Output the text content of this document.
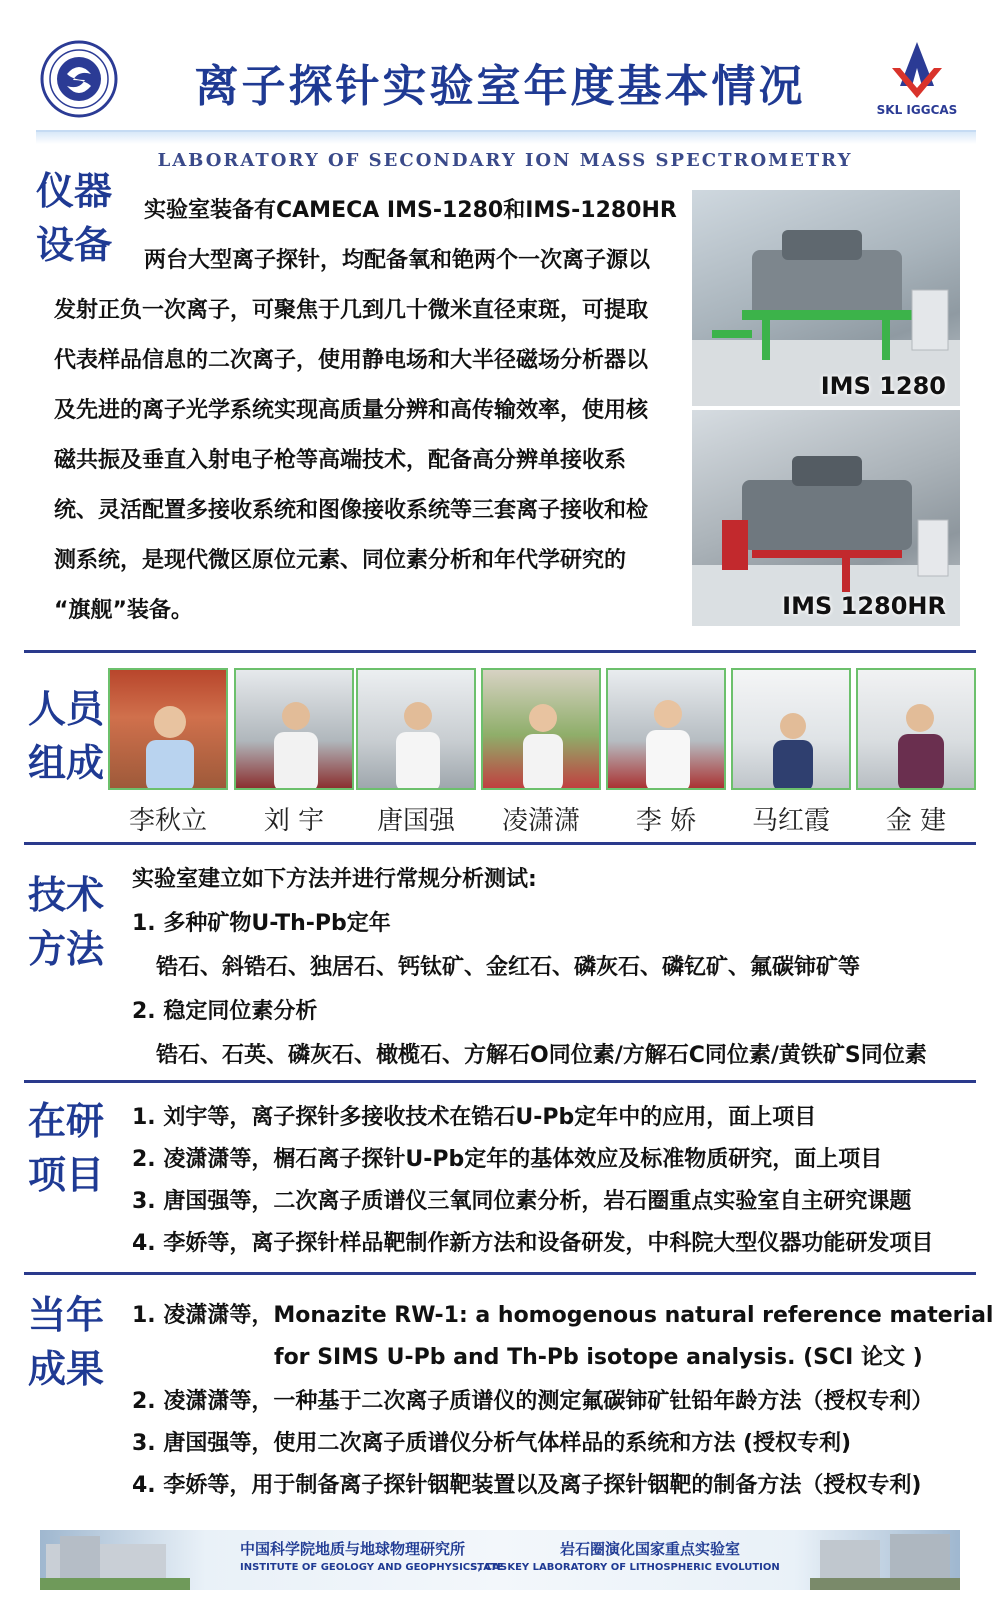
离子探针实验室年度基本情况	SKL IGGCAS
LABORATORY OF SECONDARY ION MASS SPECTROMETRY
仪器设备
实验室装备有CAMECA IMS-1280和IMS-1280HR
两台大型离子探针，均配备氧和铯两个一次离子源以
发射正负一次离子，可聚焦于几到几十微米直径束斑，可提取
代表样品信息的二次离子，使用静电场和大半径磁场分析器以
及先进的离子光学系统实现高质量分辨和高传输效率，使用核
磁共振及垂直入射电子枪等高端技术，配备高分辨单接收系
统、灵活配置多接收系统和图像接收系统等三套离子接收和检
测系统，是现代微区原位元素、同位素分析和年代学研究的
“旗舰”装备。
IMS 1280
IMS 1280HR
人员组成
李秋立	刘 宇	唐国强	凌潇潇	李 娇	马红霞	金 建
技术方法
实验室建立如下方法并进行常规分析测试:
1. 多种矿物U-Th-Pb定年
锆石、斜锆石、独居石、钙钛矿、金红石、磷灰石、磷钇矿、氟碳铈矿等
2. 稳定同位素分析
锆石、石英、磷灰石、橄榄石、方解石O同位素/方解石C同位素/黄铁矿S同位素
在研项目
1. 刘宇等，离子探针多接收技术在锆石U-Pb定年中的应用，面上项目
2. 凌潇潇等，榍石离子探针U-Pb定年的基体效应及标准物质研究，面上项目
3. 唐国强等，二次离子质谱仪三氧同位素分析，岩石圈重点实验室自主研究课题
4. 李娇等，离子探针样品靶制作新方法和设备研发，中科院大型仪器功能研发项目
当年成果
1. 凌潇潇等，Monazite RW-1: a homogenous natural reference material
for SIMS U-Pb and Th-Pb isotope analysis. (SCI 论文 )
2. 凌潇潇等，一种基于二次离子质谱仪的测定氟碳铈矿钍铅年龄方法（授权专利）
3. 唐国强等，使用二次离子质谱仪分析气体样品的系统和方法 (授权专利)
4. 李娇等，用于制备离子探针铟靶装置以及离子探针铟靶的制备方法（授权专利)
中国科学院地质与地球物理研究所
INSTITUTE OF GEOLOGY AND GEOPHYSICS, CAS
岩石圈演化国家重点实验室
STATE KEY LABORATORY OF LITHOSPHERIC EVOLUTION
